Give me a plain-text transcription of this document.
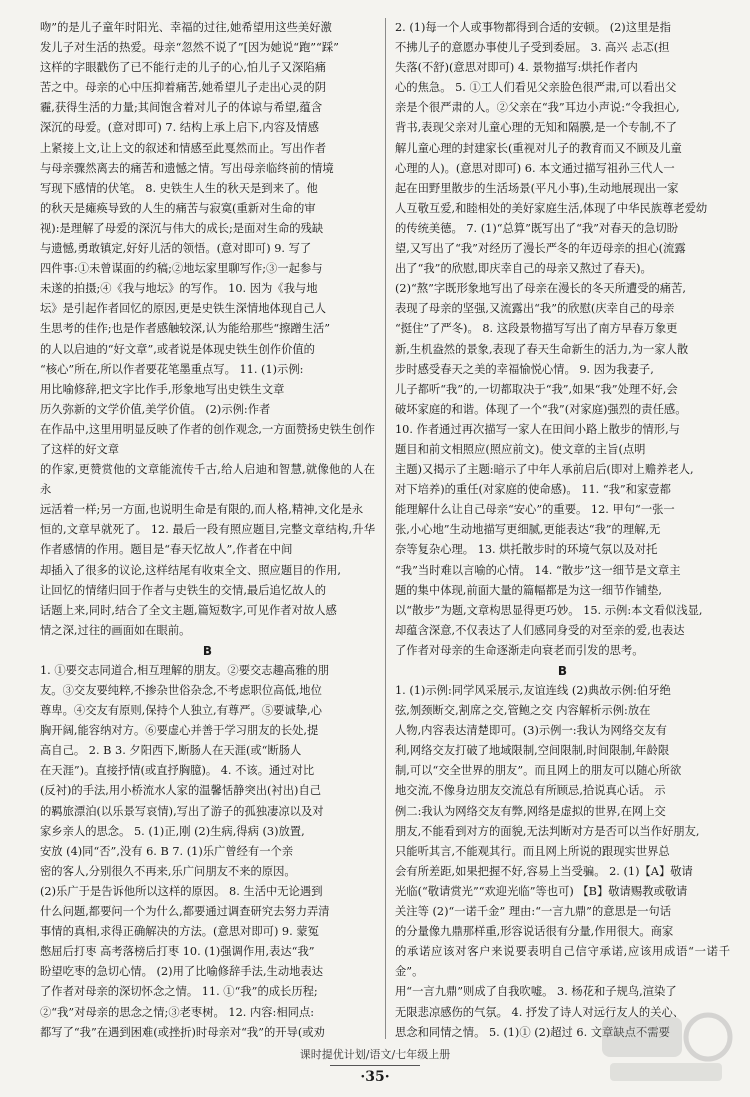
吻”的是儿子童年时阳光、幸福的过往,她希望用这些美好激
发儿子对生活的热爱。母亲“忽然不说了”[因为她说“跑”“踩”
这样的字眼戳伤了已不能行走的儿子的心,怕儿子又深陷痛
苦之中。母亲的心中压抑着痛苦,她希望儿子走出心灵的阴
霾,获得生活的力量;其间饱含着对儿子的体谅与希望,蕴含
深沉的母爱。(意对即可) 7. 结构上承上启下,内容及情感
上紧接上文,让上文的叙述和情感至此戛然而止。写出作者
与母亲骤然离去的痛苦和遗憾之情。写出母亲临终前的情境
写现下感情的伏笔。 8. 史铁生人生的秋天是到来了。他
的秋天是瘫痪导致的人生的痛苦与寂寞(重新对生命的审
视):是理解了母爱的深沉与伟大的成长;是面对生命的残缺
与遗憾,勇敢镇定,好好儿活的领悟。(意对即可) 9. 写了
四件事:①未曾谋面的约稿;②地坛家里聊写作;③一起参与
未遂的拍摄;④《我与地坛》的写作。 10. 因为《我与地
坛》是引起作者回忆的原因,更是史铁生深情地体现自己人
生思考的佳作;也是作者感触较深,认为能给那些“擦蹭生活”
的人以启迪的“好文章”,或者说是体现史铁生创作价值的
“核心”所在,所以作者要花笔墨重点写。 11. (1)示例:
用比喻修辞,把文字比作手,形象地写出史铁生文章
历久弥新的文学价值,美学价值。 (2)示例:作者
在作品中,这里用明显反映了作者的创作观念,一方面赞扬史铁生创作了这样的好文章
的作家,更赞赏他的文章能流传千古,给人启迪和智慧,就像他的人在永
远活着一样;另一方面,也说明生命是有限的,而人格,精神,文化是永
恒的,文章早就死了。 12. 最后一段有照应题目,完整文章结构,升华作者感情的作用。题目是“春天忆故人”,作者在中间
却插入了很多的议论,这样结尾有收束全文、照应题目的作用,
让回忆的情绪归回于作者与史铁生的交情,最后追忆故人的
话题上来,同时,结合了全文主题,篇短数字,可见作者对故人感
情之深,过往的画面如在眼前。
B
1. ①要交志同道合,相互理解的朋友。②要交志趣高雅的朋
友。③交友要纯粹,不掺杂世俗杂念,不考虑职位高低,地位
尊卑。④交友有原则,保持个人独立,有尊严。⑤要诚挚,心
胸开阔,能容纳对方。⑥要虚心并善于学习朋友的长处,提
高自己。 2. B 3. 夕阳西下,断肠人在天涯(或“断肠人
在天涯”)。直接抒情(或直抒胸臆)。 4. 不该。通过对比
(反衬)的手法,用小桥流水人家的温馨恬静突出(衬出)自己
的羁旅漂泊(以乐景写哀情),写出了游子的孤独凄凉以及对
家乡亲人的思念。 5. (1)正,刚 (2)生病,得病 (3)放置,
安放 (4)同“否”,没有 6. B 7. (1)乐广曾经有一个亲
密的客人,分别很久不再来,乐广问朋友不来的原因。
(2)乐广于是告诉他所以这样的原因。 8. 生活中无论遇到
什么问题,都要问一个为什么,都要通过调查研究去努力弄清
事情的真相,求得正确解决的方法。(意思对即可) 9. 蒙冤
憋屈后打枣 高考落榜后打枣 10. (1)强调作用,表达“我”
盼望吃枣的急切心情。 (2)用了比喻修辞手法,生动地表达
了作者对母亲的深切怀念之情。 11. ①“我”的成长历程;
②“我”对母亲的思念之情;③老枣树。 12. 内容:相同点:
都写了“我”在遇到困难(或挫折)时母亲对“我”的开导(或劝
2. (1)每一个人或事物都得到合适的安顿。 (2)这里是指
不拂儿子的意愿办事使儿子受到委屈。 3. 高兴 忐忑(担
失落(不舒)(意思对即可) 4. 景物描写:烘托作者内
心的焦急。 5. ①工人们看见父亲脸色很严肃,可以看出父
亲是个很严肃的人。②父亲在“我”耳边小声说:“令我担心,
背书,表现父亲对儿童心理的无知和隔膜,是一个专制,不了
解儿童心理的封建家长(重视对儿子的教育而又不顾及儿童
心理的人)。(意思对即可) 6. 本文通过描写祖孙三代人一
起在田野里散步的生活场景(平凡小事),生动地展现出一家
人互敬互爱,和睦相处的美好家庭生活,体现了中华民族尊老爱幼
的传统美德。 7. (1)“总算”既写出了“我”对春天的急切盼
望,又写出了“我”对经历了漫长严冬的年迈母亲的担心(流露
出了“我”的欣慰,即庆幸自己的母亲又熬过了春天)。
(2)“熬”字既形象地写出了母亲在漫长的冬天所遭受的痛苦,
表现了母亲的坚强,又流露出“我”的欣慰(庆幸自己的母亲
“挺住”了严冬)。 8. 这段景物描写写出了南方早春万象更
新,生机盎然的景象,表现了春天生命新生的活力,为一家人散
步时感受春天之美的幸福愉悦心情。 9. 因为我妻子,
儿子都听“我”的,一切都取决于“我”,如果“我”处理不好,会
破坏家庭的和谐。体现了一个“我”(对家庭)强烈的责任感。
10. 作者通过再次描写一家人在田间小路上散步的情形,与
题目和前文相照应(照应前文)。使文章的主旨(点明
主题)又揭示了主题:暗示了中年人承前启后(即对上赡养老人,
对下培养)的重任(对家庭的使命感)。 11. “我”和家壹都
能理解什么让自己母亲“安心”的重要。 12. 甲句“一张一
张,小心地”生动地描写更细腻,更能表达“我”的理解,无
奈等复杂心理。 13. 烘托散步时的环境气氛以及对托
“我”当时难以言喻的心情。 14. “散步”这一细节是文章主
题的集中体现,前面大量的篇幅都是为这一细节作铺垫,
以“散步”为题,文章构思显得更巧妙。 15. 示例:本文看似浅显,
却蕴含深意,不仅表达了人们感同身受的对至亲的爱,也表达
了作者对母亲的生命逐渐走向衰老而引发的思考。
B
1. (1)示例:同学风采展示,友谊连线 (2)典故示例:伯牙绝
弦,刎颈断交,割席之交,管鲍之交 内容解析示例:放在
人物,内容表达清楚即可。(3)示例一:我认为网络交友有
利,网络交友打破了地域限制,空间限制,时间限制,年龄限
制,可以“交全世界的朋友”。而且网上的朋友可以随心所欲
地交流,不像身边朋友交流总有所顾忌,拾说真心话。 示
例二:我认为网络交友有弊,网络是虚拟的世界,在网上交
朋友,不能看到对方的面貌,无法判断对方是否可以当作好朋友,
只能听其言,不能观其行。而且网上所说的跟现实世界总
会有所差距,如果把握不好,容易上当受骗。 2. (1)【A】敬请
光临(“敬请赏光”“欢迎光临”等也可) 【B】敬请赐教或敬请
关注等 (2)“一诺千金” 理由:“一言九鼎”的意思是一句话
的分量像九鼎那样重,形容说话很有分量,作用很大。商家
的承诺应该对客户来说要表明自己信守承诺,应该用成语“一诺千金”。
用“一言九鼎”则成了自我吹嘘。 3. 杨花和子规鸟,渲染了
无限悲凉感伤的气氛。 4. 抒发了诗人对远行友人的关心、
思念和同情之情。 5. (1)① (2)超过 6. 文章缺点不需要
课时提优计划/语文/七年级上册
·35·
